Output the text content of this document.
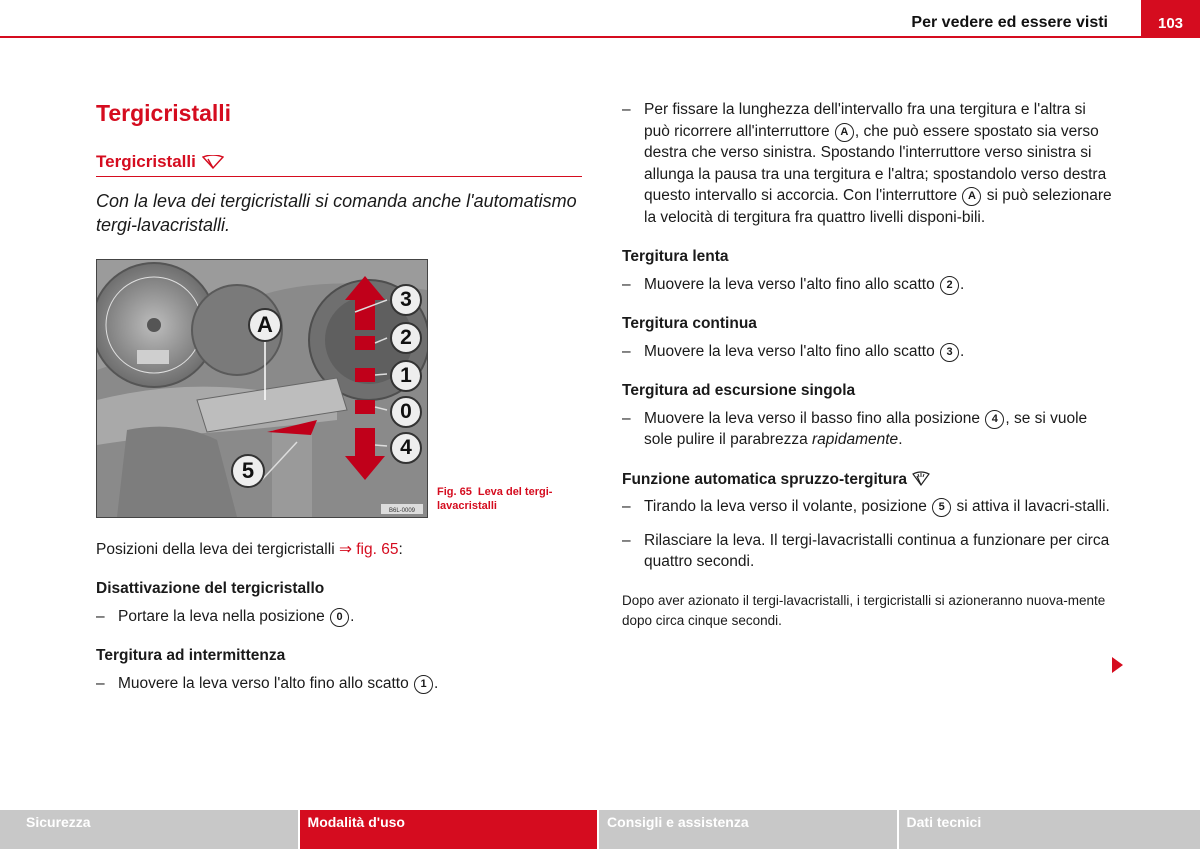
Per vedere ed essere visti	103
Tergicristalli
Tergicristalli

Con la leva dei tergicristalli si comanda anche l'automatismo tergi-lavacristalli.

B6L-0009
A
3
2
1
0
4
5
Fig. 65 Leva del tergi-lavacristalli

Posizioni della leva dei tergicristalli ⇒ fig. 65:

Disattivazione del tergicristallo
– Portare la leva nella posizione 0 .
Tergitura ad intermittenza
– Muovere la leva verso l'alto fino allo scatto 1 .
– Per fissare la lunghezza dell'intervallo fra una tergitura e l'altra si può ricorrere all'interruttore A , che può essere spostato sia verso destra che verso sinistra. Spostando l'interruttore verso sinistra si allunga la pausa tra una tergitura e l'altra; spostandolo verso destra questo intervallo si accorcia. Con l'interruttore A si può selezionare la velocità di tergitura fra quattro livelli disponi-bili.
Tergitura lenta
– Muovere la leva verso l'alto fino allo scatto 2 .
Tergitura continua
– Muovere la leva verso l'alto fino allo scatto 3 .
Tergitura ad escursione singola
– Muovere la leva verso il basso fino alla posizione 4 , se si vuole sole pulire il parabrezza rapidamente.
Funzione automatica spruzzo-tergitura
– Tirando la leva verso il volante, posizione 5 si attiva il lavacri-stalli.
– Rilasciare la leva. Il tergi-lavacristalli continua a funzionare per circa quattro secondi.

Dopo aver azionato il tergi-lavacristalli, i tergicristalli si azioneranno nuova-mente dopo circa cinque secondi.

Sicurezza	Modalità d'uso	Consigli e assistenza	Dati tecnici
